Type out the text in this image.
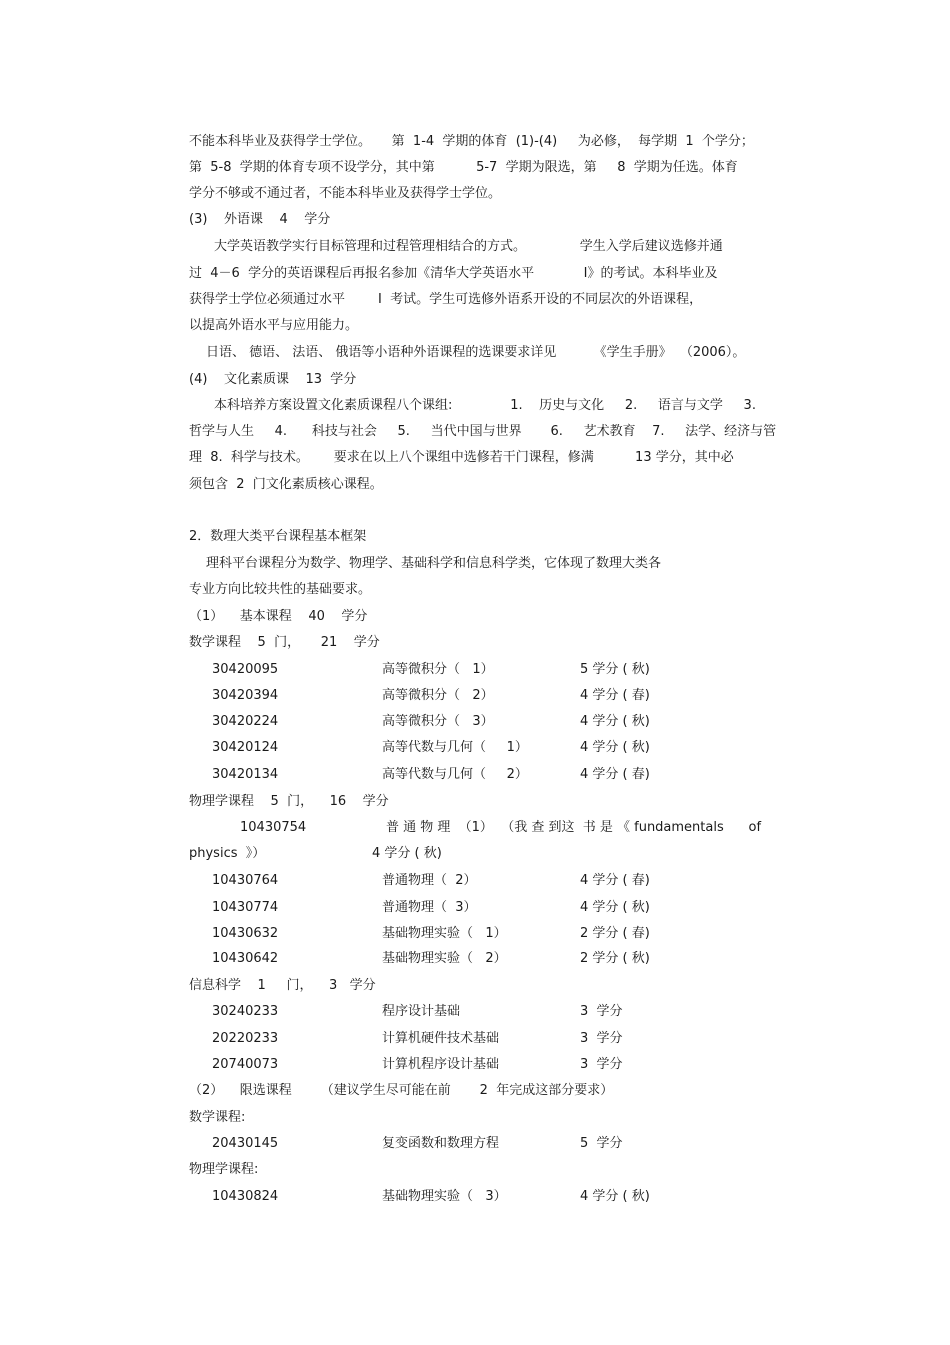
不能本科毕业及获得学士学位。     第  1-4  学期的体育  (1)-(4)     为必修，  每学期  1  个学分；
第  5-8  学期的体育专项不设学分，其中第          5-7  学期为限选，第     8  学期为任选。体育
学分不够或不通过者，不能本科毕业及获得学士学位。
(3)    外语课    4    学分
大学英语教学实行目标管理和过程管理相结合的方式。             学生入学后建议选修并通
过  4－6  学分的英语课程后再报名参加《清华大学英语水平            I》的考试。本科毕业及
获得学士学位必须通过水平        I  考试。学生可选修外语系开设的不同层次的外语课程，
以提高外语水平与应用能力。
日语、 德语、 法语、 俄语等小语种外语课程的选课要求详见         《学生手册》  （2006）。
(4)    文化素质课    13  学分
本科培养方案设置文化素质课程八个课组:              1.    历史与文化     2.     语言与文学     3.
哲学与人生     4.      科技与社会     5.     当代中国与世界       6.     艺术教育    7.     法学、经济与管
理  8.  科学与技术。      要求在以上八个课组中选修若干门课程，修满          13 学分，其中必
须包含  2  门文化素质核心课程。
2．数理大类平台课程基本框架
理科平台课程分为数学、物理学、基础科学和信息科学类，它体现了数理大类各
专业方向比较共性的基础要求。
（1）    基本课程    40    学分
数学课程    5  门，     21    学分
30420095	高等微积分（   1）	5 学分 ( 秋)
30420394	高等微积分（   2）	4 学分 ( 春)
30420224	高等微积分（   3）	4 学分 ( 秋)
30420124	高等代数与几何（     1）	4 学分 ( 秋)
30420134	高等代数与几何（     2）	4 学分 ( 春)
物理学课程    5  门，    16    学分
10430754	普 通 物 理  （1）  （我 查 到这  书 是 《 fundamentals      of
physics  》）	4 学分 ( 秋)
10430764	普通物理（  2）	4 学分 ( 春)
10430774	普通物理（  3）	4 学分 ( 秋)
10430632	基础物理实验（   1）	2 学分 ( 春)
10430642	基础物理实验（   2）	2 学分 ( 秋)
信息科学    1     门，    3   学分
30240233	程序设计基础	3  学分
20220233	计算机硬件技术基础	3  学分
20740073	计算机程序设计基础	3  学分
（2）    限选课程       （建议学生尽可能在前       2  年完成这部分要求）
数学课程:
20430145	复变函数和数理方程	5  学分
物理学课程:
10430824	基础物理实验（   3）	4 学分 ( 秋)
